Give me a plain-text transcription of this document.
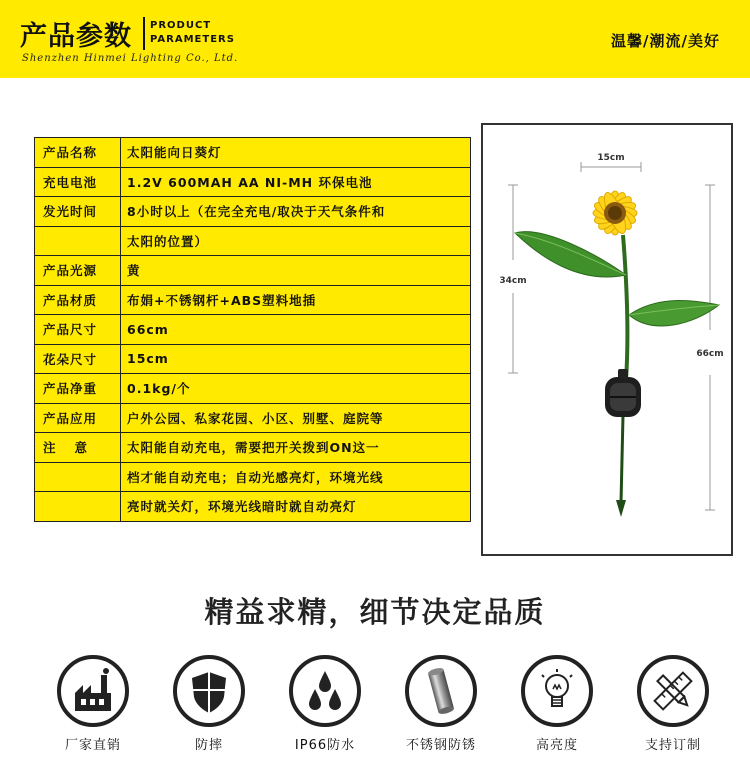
产品参数 PRODUCT
PARAMETERS
Shenzhen Hinmei Lighting Co., Ltd.
温馨/潮流/美好
产品名称	太阳能向日葵灯
充电电池	1.2V 600MAH AA NI-MH 环保电池
发光时间	8小时以上（在完全充电/取决于天气条件和
	太阳的位置）
产品光源	黄
产品材质	布娟+不锈钢杆+ABS塑料地插
产品尺寸	66cm
花朵尺寸	15cm
产品净重	0.1kg/个
产品应用	户外公园、私家花园、小区、别墅、庭院等
注意	太阳能自动充电，需要把开关拨到ON这一
	档才能自动充电；自动光感亮灯，环境光线
	亮时就关灯，环境光线暗时就自动亮灯
15cm
34cm
66cm
精益求精，细节决定品质
厂家直销	防摔	IP66防水	不锈钢防锈	高亮度	支持订制
